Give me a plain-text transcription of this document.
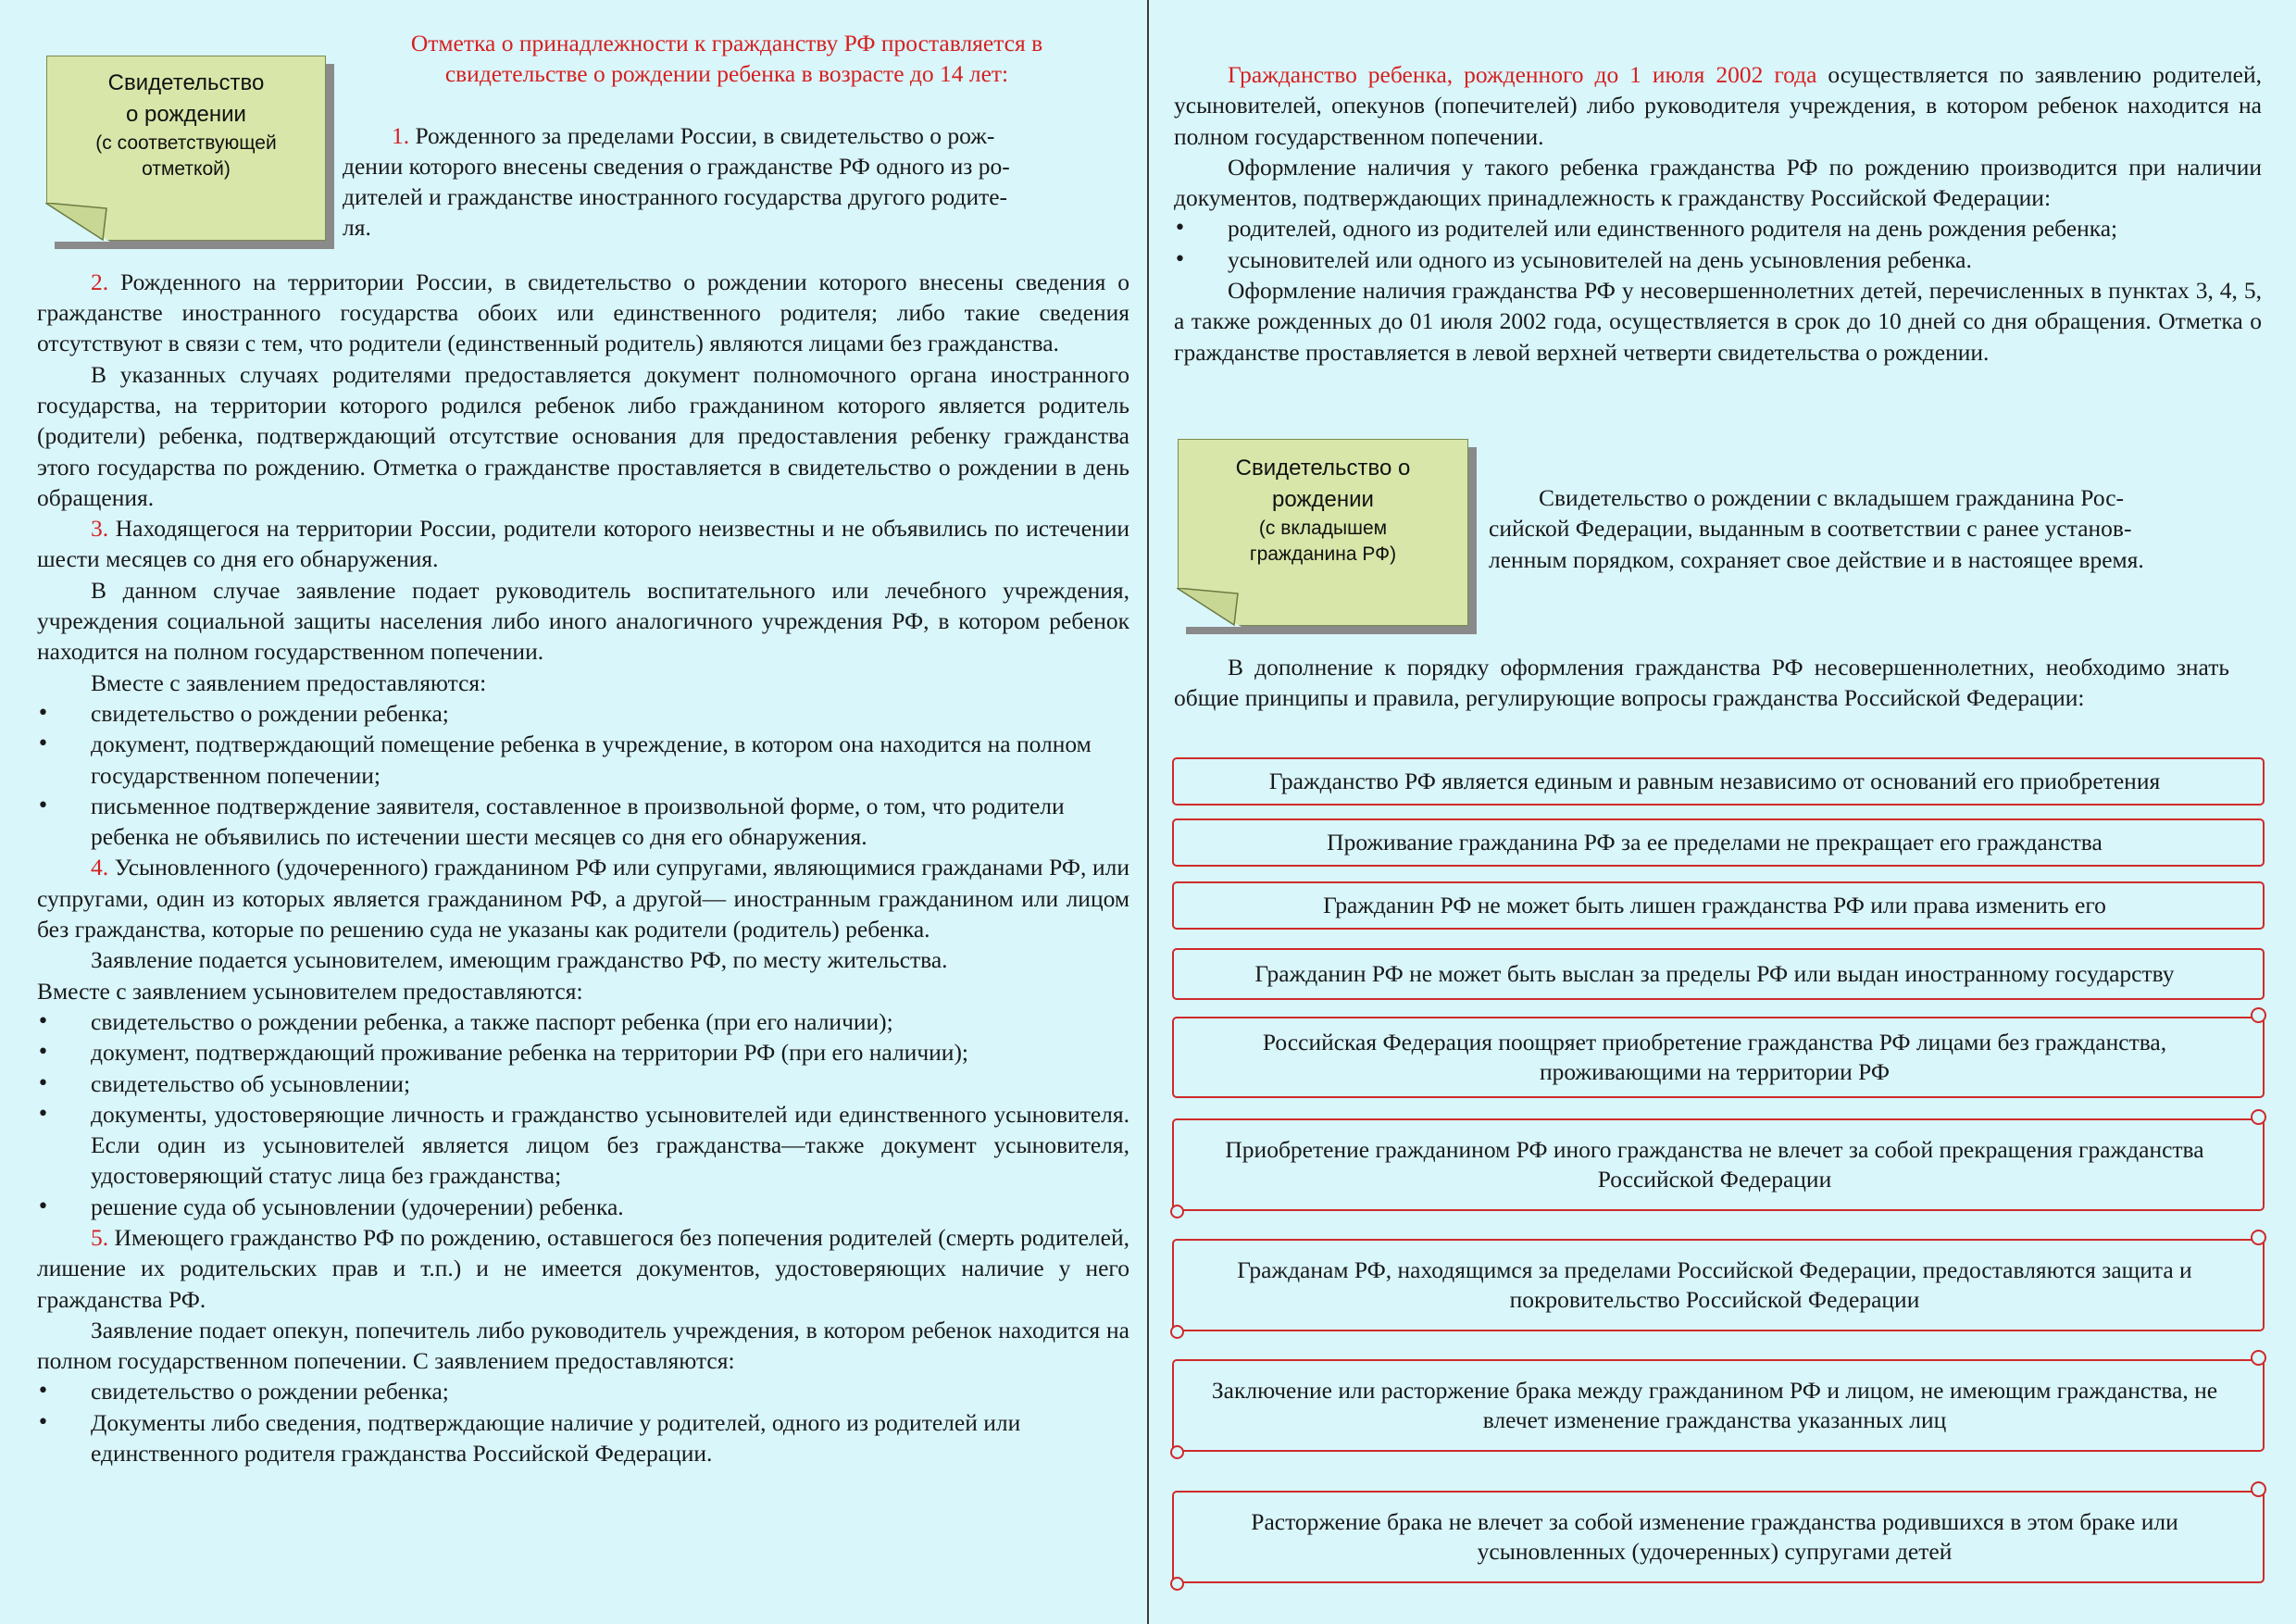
Свидетельство
о рождении
(с соответствующей
отметкой)

Отметка о принадлежности к гражданству РФ проставляется в
свидетельстве о рождении ребенка в возрасте до 14 лет:

1. Рожденного за пределами России, в свидетельство о рож-
дении которого внесены сведения о гражданстве РФ одного из ро-
дителей и гражданстве иностранного государства другого родите-
ля.

2. Рожденного на территории России, в свидетельство о рождении которого внесены сведения о гражданстве иностранного государства обоих или единственного родителя; либо такие сведения отсутствуют в связи с тем, что родители (единственный родитель) являются лицами без гражданства.

В указанных случаях родителями предоставляется документ полномочного органа иностранного государства, на территории которого родился ребенок либо гражданином которого является родитель (родители) ребенка, подтверждающий отсутствие основания для предоставления ребенку гражданства этого государства по рождению. Отметка о гражданстве проставляется в свидетельство о рождении в день обращения.

3. Находящегося на территории России, родители которого неизвестны и не объявились по истечении шести месяцев со дня его обнаружения.

В данном случае заявление подает руководитель воспитательного или лечебного учреждения, учреждения социальной защиты населения либо иного аналогичного учреждения РФ, в котором ребенок находится на полном государственном попечении.

Вместе с заявлением предоставляются:

• свидетельство о рождении ребенка;
• документ, подтверждающий помещение ребенка в учреждение, в котором она находится на полном государственном попечении;
• письменное подтверждение заявителя, составленное в произвольной форме, о том, что родители ребенка не объявились по истечении шести месяцев со дня его обнаружения.

4. Усыновленного (удочеренного) гражданином РФ или супругами, являющимися гражданами РФ, или супругами, один из которых является гражданином РФ, а другой— иностранным гражданином или лицом без гражданства, которые по решению суда не указаны как родители (родитель) ребенка.

Заявление подается усыновителем, имеющим гражданство РФ, по месту жительства.

Вместе с заявлением усыновителем предоставляются:

• свидетельство о рождении ребенка, а также паспорт ребенка (при его наличии);
• документ, подтверждающий проживание ребенка на территории РФ (при его наличии);
• свидетельство об усыновлении;
• документы, удостоверяющие личность и гражданство усыновителей иди единственного усыновителя. Если один из усыновителей является лицом без гражданства—также документ усыновителя, удостоверяющий статус лица без гражданства;
• решение суда об усыновлении (удочерении) ребенка.

5. Имеющего гражданство РФ по рождению, оставшегося без попечения родителей (смерть родителей, лишение их родительских прав и т.п.) и не имеется документов, удостоверяющих наличие у него гражданства РФ.

Заявление подает опекун, попечитель либо руководитель учреждения, в котором ребенок находится на полном государственном попечении. С заявлением предоставляются:

• свидетельство о рождении ребенка;
• Документы либо сведения, подтверждающие наличие у родителей, одного из родителей или единственного родителя гражданства Российской Федерации.

Гражданство ребенка, рожденного до 1 июля 2002 года осуществляется по заявлению родителей, усыновителей, опекунов (попечителей) либо руководителя учреждения, в котором ребенок находится на полном государственном попечении.

Оформление наличия у такого ребенка гражданства РФ по рождению производится при наличии документов, подтверждающих принадлежность к гражданству Российской Федерации:

• родителей, одного из родителей или единственного родителя на день рождения ребенка;
• усыновителей или одного из усыновителей на день усыновления ребенка.

Оформление наличия гражданства РФ у несовершеннолетних детей, перечисленных в пунктах 3, 4, 5, а также рожденных до 01 июля 2002 года, осуществляется в срок до 10 дней со дня обращения. Отметка о гражданстве проставляется в левой верхней четверти свидетельства о рождении.

Свидетельство о
рождении
(с вкладышем
гражданина РФ)

Свидетельство о рождении с вкладышем гражданина Рос-
сийской Федерации, выданным в соответствии с ранее установ-
ленным порядком, сохраняет свое действие и в настоящее время.

В дополнение к порядку оформления гражданства РФ несовершеннолетних, необходимо знать общие принципы и правила, регулирующие вопросы гражданства Российской Федерации:

Гражданство РФ является единым и равным независимо от оснований его приобретения
Проживание гражданина РФ за ее пределами не прекращает его гражданства
Гражданин РФ не может быть лишен гражданства РФ или права изменить его
Гражданин РФ не может быть выслан за пределы РФ или выдан иностранному государству
Российская Федерация поощряет приобретение гражданства РФ лицами без гражданства, проживающими на территории РФ
Приобретение гражданином РФ иного гражданства не влечет за собой прекращения гражданства Российской Федерации
Гражданам РФ, находящимся за пределами Российской Федерации, предоставляются защита и покровительство Российской Федерации
Заключение или расторжение брака между гражданином РФ и лицом, не имеющим гражданства, не влечет изменение гражданства указанных лиц
Расторжение брака не влечет за собой изменение гражданства родившихся в этом браке или усыновленных (удочеренных) супругами детей
